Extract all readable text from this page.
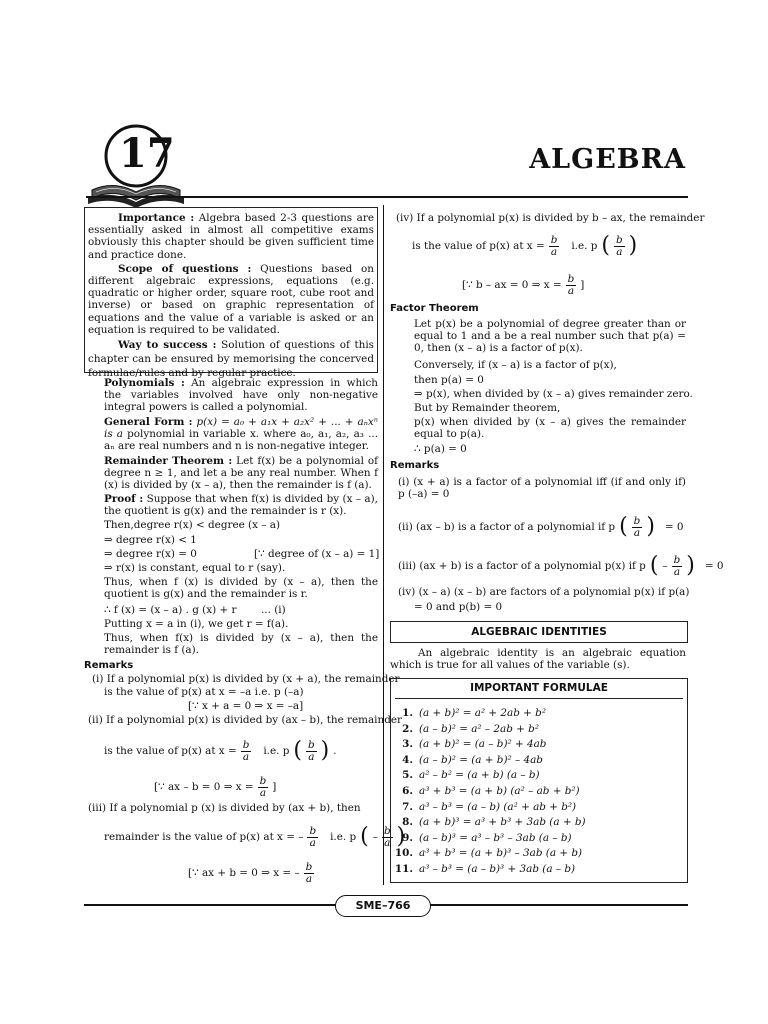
17	ALGEBRA

Importance : Algebra based 2-3 questions are essentially asked in almost all competitive exams obviously this chapter should be given sufficient time and practice done.

Scope of questions : Questions based on different algebraic expressions, equations (e.g. quadratic or higher order, square root, cube root and inverse) or based on graphic representation of equations and the value of a variable is asked or an equation is required to be validated.

Way to success : Solution of questions of this chapter can be ensured by memorising the concerved formulae/rules and by regular practice.

Polynomials : An algebraic expression in which the variables involved have only non-negative integral powers is called a polynomial.
General Form : p(x) = a₀ + a₁x + a₂x² + ... + aₙxⁿ is a polynomial in variable x. where a₀, a₁, a₂, a₃ ... aₙ are real numbers and n is non-negative integer.
Remainder Theorem : Let f(x) be a polynomial of degree n ≥ 1, and let a be any real number. When f (x) is divided by (x – a), then the remainder is f (a).
Proof : Suppose that when f(x) is divided by (x – a), the quotient is g(x) and the remainder is r (x).
Then,degree r(x) < degree (x – a)
⇒ degree r(x) < 1
⇒ degree r(x) = 0	[∵ degree of (x – a) = 1]
⇒ r(x) is constant, equal to r (say).
Thus, when f (x) is divided by (x – a), then the quotient is g(x) and the remainder is r.
∴ f (x) = (x – a) . g (x) + r ... (i)
Putting x = a in (i), we get r = f(a).
Thus, when f(x) is divided by (x – a), then the remainder is f (a).
Remarks
(i) If a polynomial p(x) is divided by (x + a), the remainder
is the value of p(x) at x = –a i.e. p (–a)
[∵ x + a = 0 ⇒ x = –a]
(ii) If a polynomial p(x) is divided by (ax – b), the remainder
is the value of p(x) at $x = \frac{b}{a} i.e$. p ( $\frac{b}{a}$ ) .
[∵ ax – b = 0 ⇒ $x = \frac{b}{a}$ ]
(iii) If a polynomial p (x) is divided by (ax + b), then
remainder is the value of p(x) at x = – $\frac{b}{a} i.e$. p ( – $\frac{b}{a}$ )
[∵ ax + b = 0 ⇒ x = – $\frac{b}{a}$
(iv) If a polynomial p(x) is divided by b – ax, the remainder
is the value of p(x) at $x = \frac{b}{a} i.e$. p ( $\frac{b}{a}$ )
[∵ b – ax = 0 ⇒ $x = \frac{b}{a}$ ]
Factor Theorem
Let p(x) be a polynomial of degree greater than or equal to 1 and a be a real number such that p(a) = 0, then (x – a) is a factor of p(x).
Conversely, if (x – a) is a factor of p(x),
then p(a) = 0
⇒ p(x), when divided by (x – a) gives remainder zero.
But by Remainder theorem,
p(x) when divided by (x – a) gives the remainder equal to p(a).
∴ p(a) = 0
Remarks
(i) (x + a) is a factor of a polynomial iff (if and only if) p (–a) = 0
(ii) (ax – b) is a factor of a polynomial if p ( $\frac{b}{a}$ ) = 0
(iii) (ax + b) is a factor of a polynomial p(x) if p ( – $\frac{b}{a}$ ) = 0
(iv) (x – a) (x – b) are factors of a polynomial p(x) if p(a)
= 0 and p(b) = 0
ALGEBRAIC IDENTITIES
An algebraic identity is an algebraic equation which is true for all values of the variable (s).
IMPORTANT FORMULAE
1. (a + b)² = a² + 2ab + b²
2. (a – b)² = a² – 2ab + b²
3. (a + b)² = (a – b)² + 4ab
4. (a – b)² = (a + b)² – 4ab
5. a² – b² = (a + b) (a – b)
6. a³ + b³ = (a + b) (a² – ab + b²)
7. a³ – b³ = (a – b) (a² + ab + b²)
8. (a + b)³ = a³ + b³ + 3ab (a + b)
9. (a – b)³ = a³ – b³ – 3ab (a – b)
10. a³ + b³ = (a + b)³ – 3ab (a + b)
11. a³ – b³ = (a – b)³ + 3ab (a – b)
SME–766
